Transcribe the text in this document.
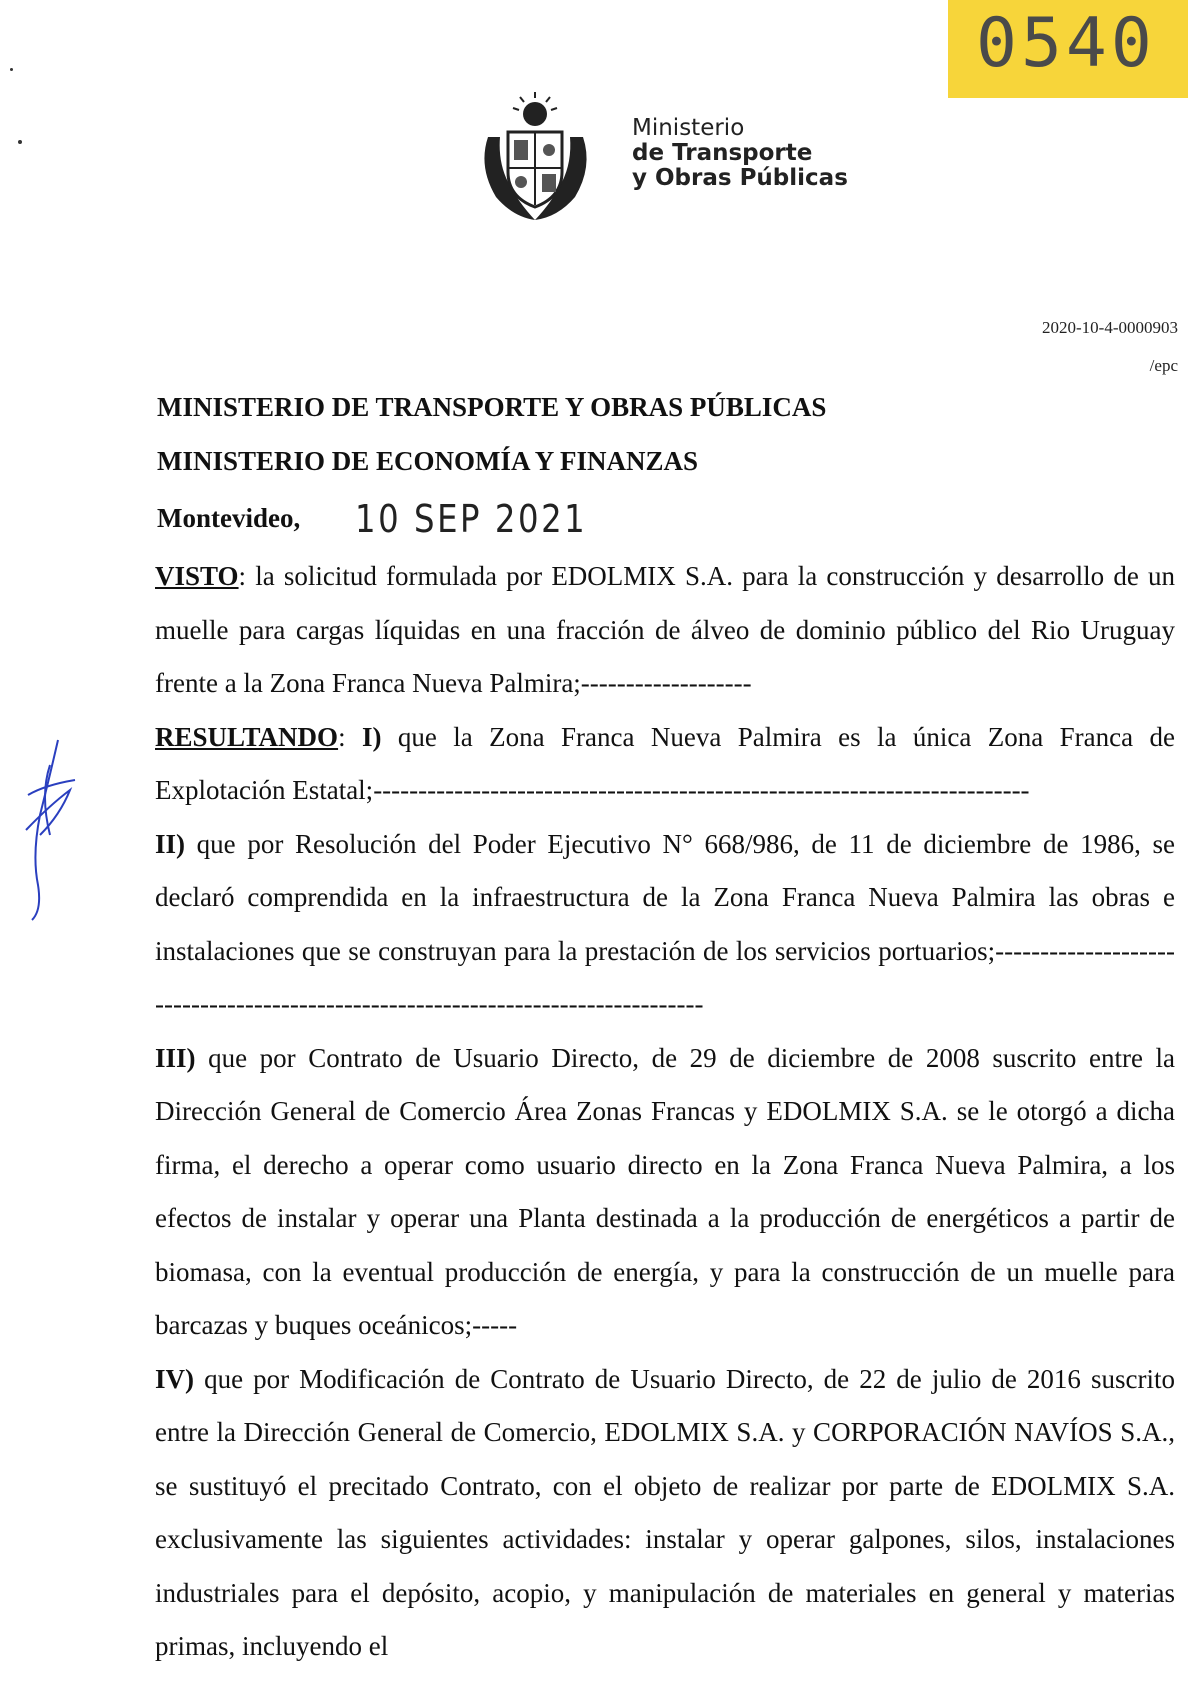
0540
Ministerio
de Transporte
y Obras Públicas
2020-10-4-0000903
/epc
MINISTERIO DE TRANSPORTE Y OBRAS PÚBLICAS
MINISTERIO DE ECONOMÍA Y FINANZAS
Montevideo, 10 SEP 2021

VISTO: la solicitud formulada por EDOLMIX S.A. para la construcción y desarrollo de un muelle para cargas líquidas en una fracción de álveo de dominio público del Rio Uruguay frente a la Zona Franca Nueva Palmira;-------------------

RESULTANDO: I) que la Zona Franca Nueva Palmira es la única Zona Franca de Explotación Estatal;-------------------------------------------------------------------------

II) que por Resolución del Poder Ejecutivo N° 668/986, de 11 de diciembre de 1986, se declaró comprendida en la infraestructura de la Zona Franca Nueva Palmira las obras e instalaciones que se construyan para la prestación de los servicios portuarios;---------------------------------------------------------------------------------

III) que por Contrato de Usuario Directo, de 29 de diciembre de 2008 suscrito entre la Dirección General de Comercio Área Zonas Francas y EDOLMIX S.A. se le otorgó a dicha firma, el derecho a operar como usuario directo en la Zona Franca Nueva Palmira, a los efectos de instalar y operar una Planta destinada a la producción de energéticos a partir de biomasa, con la eventual producción de energía, y para la construcción de un muelle para barcazas y buques oceánicos;-----

IV) que por Modificación de Contrato de Usuario Directo, de 22 de julio de 2016 suscrito entre la Dirección General de Comercio, EDOLMIX S.A. y CORPORACIÓN NAVÍOS S.A., se sustituyó el precitado Contrato, con el objeto de realizar por parte de EDOLMIX S.A. exclusivamente las siguientes actividades: instalar y operar galpones, silos, instalaciones industriales para el depósito, acopio, y manipulación de materiales en general y materias primas, incluyendo el
